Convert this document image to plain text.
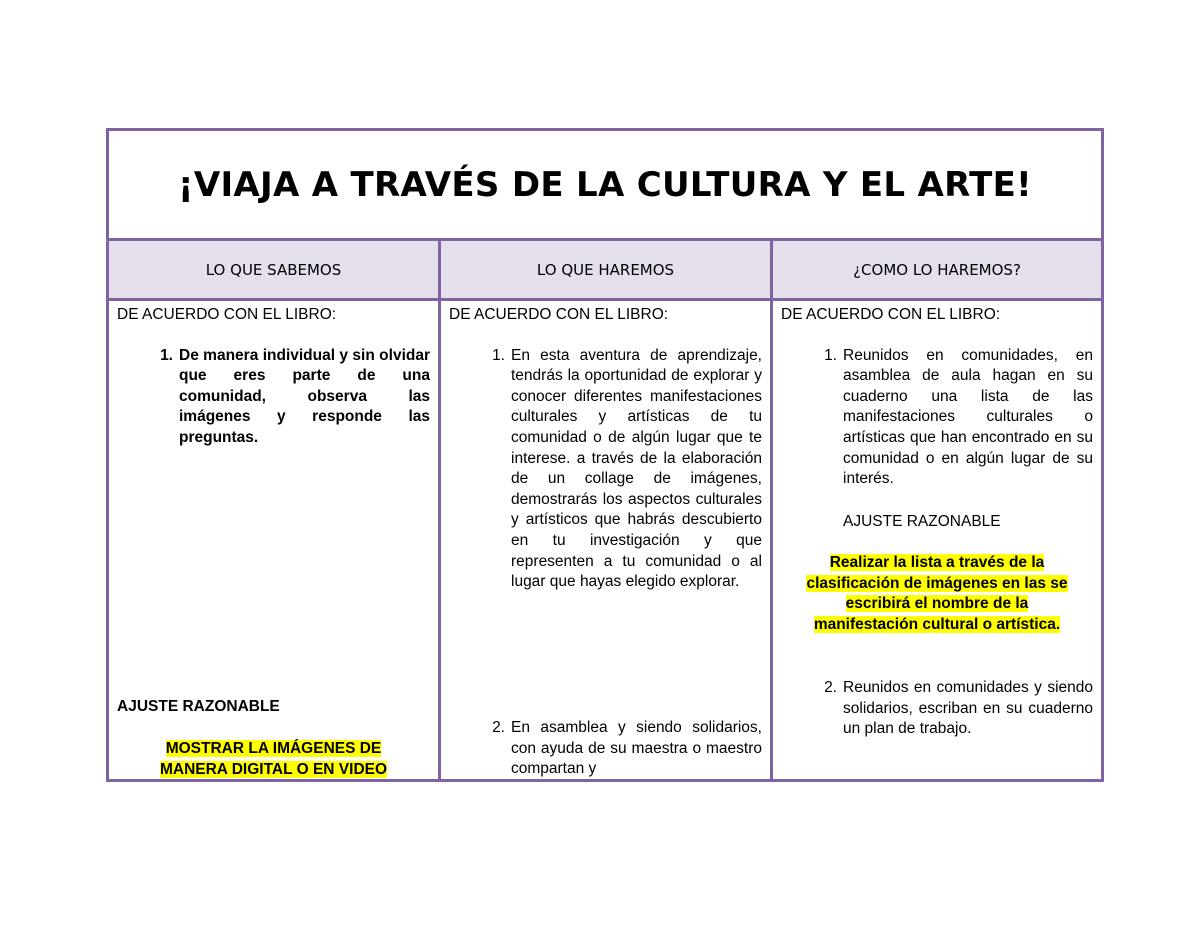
¡VIAJA A TRAVÉS DE LA CULTURA Y EL ARTE!
LO QUE SABEMOS	LO QUE HAREMOS	¿COMO LO HAREMOS?

DE ACUERDO CON EL LIBRO:

1. De manera individual y sin olvidar que eres parte de una comunidad, observa las imágenes y responde las preguntas.
AJUSTE RAZONABLE
MOSTRAR LA IMÁGENES DE
MANERA DIGITAL O EN VIDEO

DE ACUERDO CON EL LIBRO:

1. En esta aventura de aprendizaje, tendrás la oportunidad de explorar y conocer diferentes manifestaciones culturales y artísticas de tu comunidad o de algún lugar que te interese. a través de la elaboración de un collage de imágenes, demostrarás los aspectos culturales y artísticos que habrás descubierto en tu investigación y que representen a tu comunidad o al lugar que hayas elegido explorar.
2. En asamblea y siendo solidarios, con ayuda de su maestra o maestro compartan y

DE ACUERDO CON EL LIBRO:

1. Reunidos en comunidades, en asamblea de aula hagan en su cuaderno una lista de las manifestaciones culturales o artísticas que han encontrado en su comunidad o en algún lugar de su interés.
AJUSTE RAZONABLE
Realizar la lista a través de la
clasificación de imágenes en las se
escribirá el nombre de la
manifestación cultural o artística.
2. Reunidos en comunidades y siendo solidarios, escriban en su cuaderno un plan de trabajo.
